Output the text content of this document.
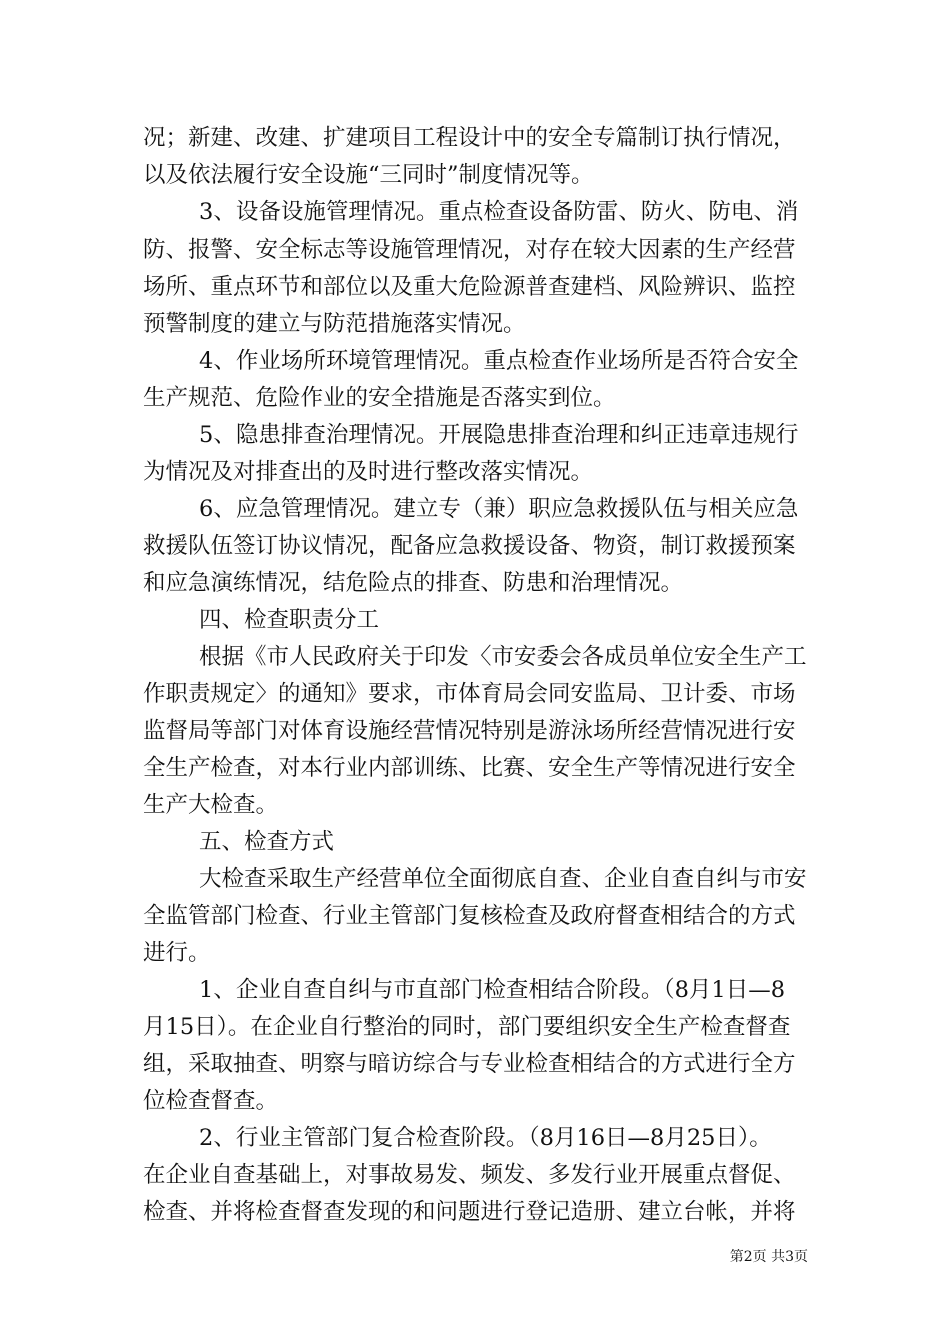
况；新建、改建、扩建项目工程设计中的安全专篇制订执行情况，
以及依法履行安全设施“三同时”制度情况等。
3、设备设施管理情况。重点检查设备防雷、防火、防电、消
防、报警、安全标志等设施管理情况，对存在较大因素的生产经营
场所、重点环节和部位以及重大危险源普查建档、风险辨识、监控
预警制度的建立与防范措施落实情况。
4、作业场所环境管理情况。重点检查作业场所是否符合安全
生产规范、危险作业的安全措施是否落实到位。
5、隐患排查治理情况。开展隐患排查治理和纠正违章违规行
为情况及对排查出的及时进行整改落实情况。
6、应急管理情况。建立专（兼）职应急救援队伍与相关应急
救援队伍签订协议情况，配备应急救援设备、物资，制订救援预案
和应急演练情况，结危险点的排查、防患和治理情况。
四、检查职责分工
根据《市人民政府关于印发〈市安委会各成员单位安全生产工
作职责规定〉的通知》要求，市体育局会同安监局、卫计委、市场
监督局等部门对体育设施经营情况特别是游泳场所经营情况进行安
全生产检查，对本行业内部训练、比赛、安全生产等情况进行安全
生产大检查。
五、检查方式
大检查采取生产经营单位全面彻底自查、企业自查自纠与市安
全监管部门检查、行业主管部门复核检查及政府督查相结合的方式
进行。
1、企业自查自纠与市直部门检查相结合阶段。（8月1日—8
月15日）。在企业自行整治的同时，部门要组织安全生产检查督查
组，采取抽查、明察与暗访综合与专业检查相结合的方式进行全方
位检查督查。
2、行业主管部门复合检查阶段。（8月16日—8月25日）。
在企业自查基础上，对事故易发、频发、多发行业开展重点督促、
检查、并将检查督查发现的和问题进行登记造册、建立台帐，并将
第2页 共3页
